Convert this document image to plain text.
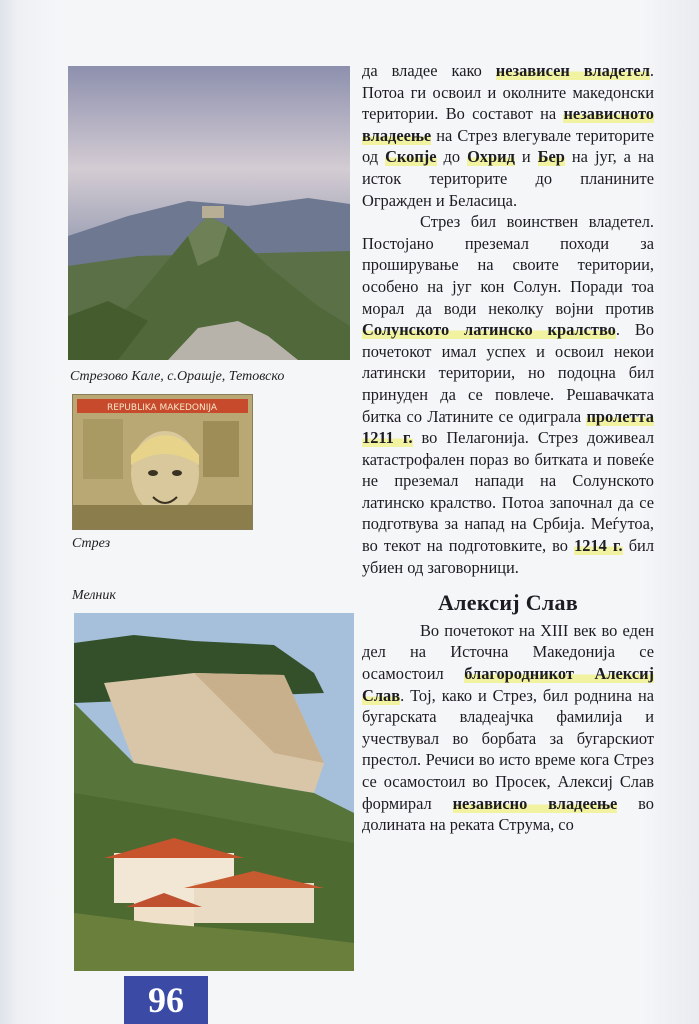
Стрезово Кале, с.Орашје, Тетовско
REPUBLIKA MAKEDONIJA
Стрез
Мелник

да владее како независен владетел. Потоа ги освоил и околните македонски територии. Во составот на независното владеење на Стрез влегувале територите од Скопје до Охрид и Бер на југ, а на исток територите до планините Огражден и Беласица.

Стрез бил воинствен владетел. Постојано преземал походи за проширување на своите територии, особено на југ кон Солун. Поради тоа морал да води неколку војни против Солунското латинско кралство. Во почетокот имал успех и освоил некои латински територии, но подоцна бил принуден да се повлече. Решавачката битка со Латините се одиграла пролетта 1211 г. во Пелагонија. Стрез доживеал катастрофален пораз во битката и повеќе не преземал напади на Солунското латинско кралство. Потоа започнал да се подготвува за напад на Србија. Меѓутоа, во текот на подготовките, во 1214 г. бил убиен од заговорници.

Алексиј Слав

Во почетокот на XIII век во еден дел на Источна Македонија се осамостоил благородникот Алексиј Слав. Тој, како и Стрез, бил роднина на бугарската владеајчка фамилија и учествувал во борбата за бугарскиот престол. Речиси во исто време кога Стрез се осамостоил во Просек, Алексиј Слав формирал независно владеење во долината на реката Струма, со

96
